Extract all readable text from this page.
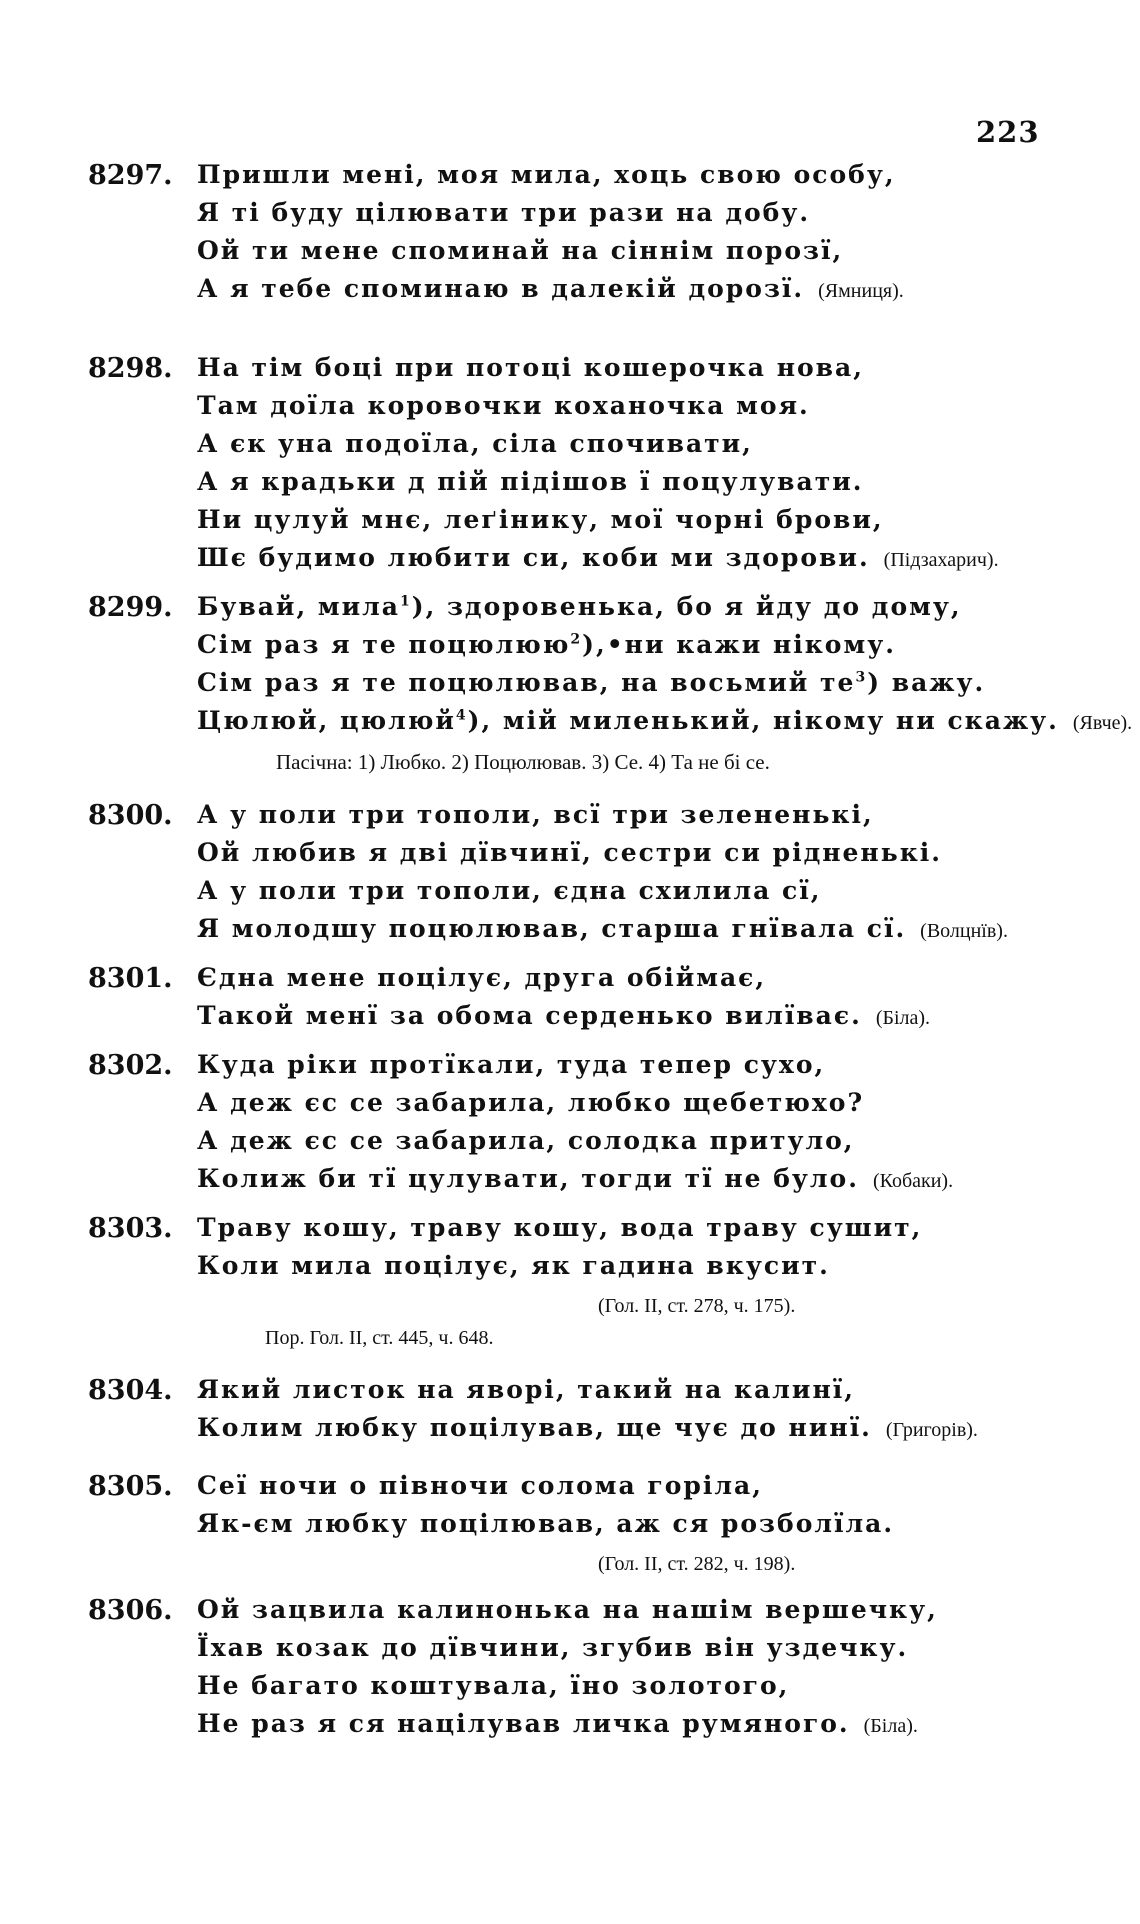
223
8297. Пришли мені, моя мила, хоць свою особу,
Я ті буду цілювати три рази на добу.
Ой ти мене споминай на сіннім порозї,
А я тебе споминаю в далекій дорозї. (Ямниця).
8298. На тім боці при потоці кошерочка нова,
Там доїла коровочки коханочка моя.
А єк уна подоїла, сіла спочивати,
А я крадьки д пій підішов ї поцулувати.
Ни цулуй мнє, леґінику, мої чорні брови,
Шє будимо любити си, коби ми здорови. (Підзахарич).
8299. Бувай, мила$^1$), здоровенька, бо я йду до дому,
Сім раз я те поцюлюю$^2$),•ни кажи нікому.
Сім раз я те поцюлював, на восьмий $те^3$) важу.
Цюлюй, цюлюй$^4$), мій миленький, нікому ни скажу. (Явче).
Пасічна: 1) Любко. 2) Поцюлював. 3) Се. 4) Та не бі се.
8300. А у поли три тополи, всї три зелененькі,
Ой любив я дві дївчинї, сестри си рідненькі.
А у поли три тополи, єдна схилила сї,
Я молодшу поцюлював, старша гнївала сї. (Волцнїв).
8301. Єдна мене поцілує, друга обіймає,
Такой менї за обома серденько вилїває. (Біла).
8302. Куда ріки протїкали, туда тепер сухо,
А деж єс се забарила, любко щебетюхо?
А деж єс се забарила, солодка притуло,
Колиж би тї цулувати, тогди тї не було. (Кобаки).
8303. Траву кошу, траву кошу, вода траву сушит,
Коли мила поцілує, як гадина вкусит.
(Гол. II, ст. 278, ч. 175).
Пор. Гол. II, ст. 445, ч. 648.
8304. Який листок на яворі, такий на калинї,
Колим любку поцілував, ще чує до нинї. (Григорів).
8305. Сеї ночи о півночи солома горіла,
Як-єм любку поцілював, аж ся розболїла.
(Гол. II, ст. 282, ч. 198).
8306. Ой зацвила калинонька на нашім вершечку,
Їхав козак до дївчини, згубив він уздечку.
Не багато коштувала, їно золотого,
Не раз я ся націлував личка румяного. (Біла).
